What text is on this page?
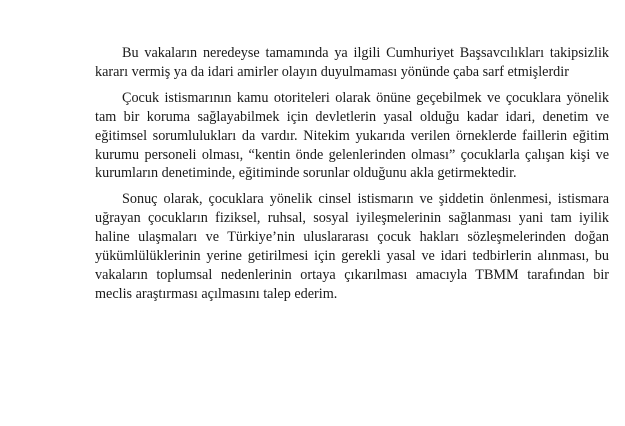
Bu vakaların neredeyse tamamında ya ilgili Cumhuriyet Başsavcılıkları takipsizlik kararı vermiş ya da idari amirler olayın duyulmaması yönünde çaba sarf etmişlerdir

Çocuk istismarının kamu otoriteleri olarak önüne geçebilmek ve çocuklara yönelik tam bir koruma sağlayabilmek için devletlerin yasal olduğu kadar idari, denetim ve eğitimsel sorumlulukları da vardır. Nitekim yukarıda verilen örneklerde faillerin eğitim kurumu personeli olması, “kentin önde gelenlerinden olması” çocuklarla çalışan kişi ve kurumların denetiminde, eğitiminde sorunlar olduğunu akla getirmektedir.

Sonuç olarak, çocuklara yönelik cinsel istismarın ve şiddetin önlenmesi, istismara uğrayan çocukların fiziksel, ruhsal, sosyal iyileşmelerinin sağlanması yani tam iyilik haline ulaşmaları ve Türkiye’nin uluslararası çocuk hakları sözleşmelerinden doğan yükümlülüklerinin yerine getirilmesi için gerekli yasal ve idari tedbirlerin alınması, bu vakaların toplumsal nedenlerinin ortaya çıkarılması amacıyla TBMM tarafından bir meclis araştırması açılmasını talep ederim.
